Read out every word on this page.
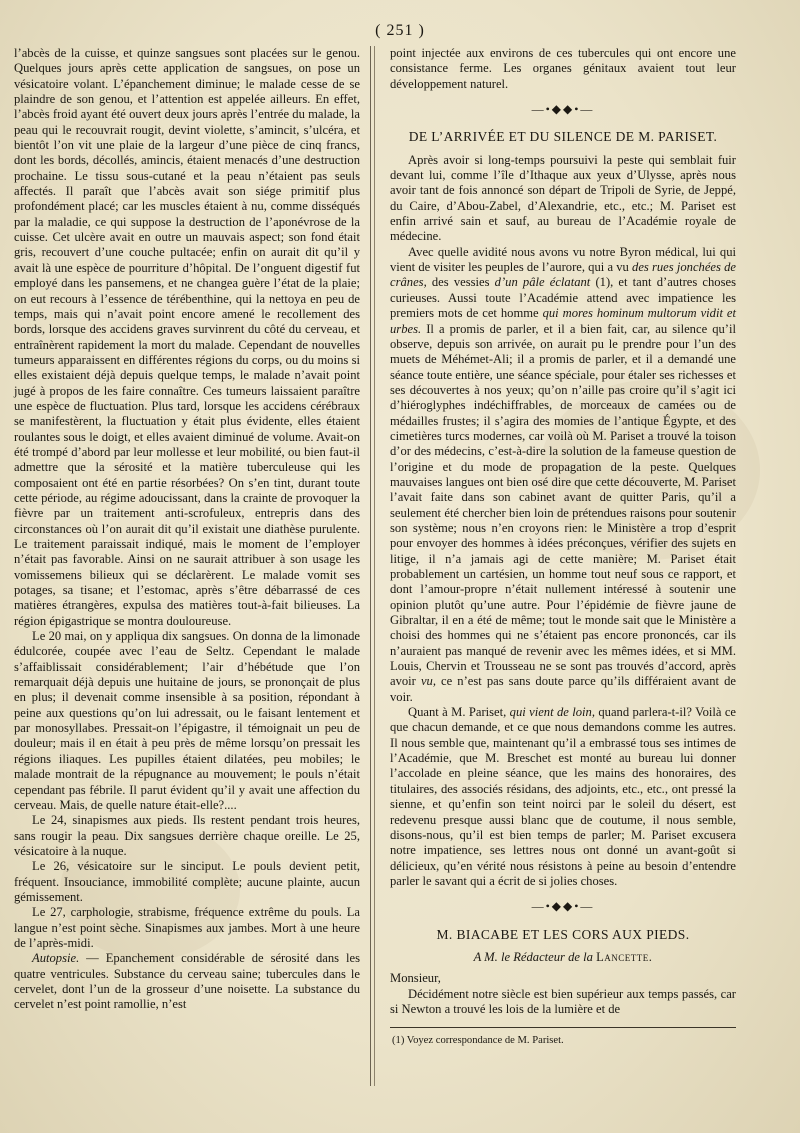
( 251 )

l’abcès de la cuisse, et quinze sangsues sont placées sur le genou. Quelques jours après cette application de sangsues, on pose un vésicatoire volant. L’épanchement diminue; le malade cesse de se plaindre de son genou, et l’attention est appelée ailleurs. En effet, l’abcès froid ayant été ouvert deux jours après l’entrée du malade, la peau qui le recouvrait rougit, devint violette, s’amincit, s’ulcéra, et bientôt l’on vit une plaie de la largeur d’une pièce de cinq francs, dont les bords, décollés, amincis, étaient menacés d’une destruction prochaine. Le tissu sous-cutané et la peau n’étaient pas seuls affectés. Il paraît que l’abcès avait son siége primitif plus profondément placé; car les muscles étaient à nu, comme disséqués par la maladie, ce qui suppose la destruction de l’aponévrose de la cuisse. Cet ulcère avait en outre un mauvais aspect; son fond était gris, recouvert d’une couche pultacée; enfin on aurait dit qu’il y avait là une espèce de pourriture d’hôpital. De l’onguent digestif fut employé dans les pansemens, et ne changea guère l’état de la plaie; on eut recours à l’essence de térébenthine, qui la nettoya en peu de temps, mais qui n’avait point encore amené le recollement des bords, lorsque des accidens graves survinrent du côté du cerveau, et entraînèrent rapidement la mort du malade. Cependant de nouvelles tumeurs apparaissent en différentes régions du corps, ou du moins si elles existaient déjà depuis quelque temps, le malade n’avait point jugé à propos de les faire connaître. Ces tumeurs laissaient paraître une espèce de fluctuation. Plus tard, lorsque les accidens cérébraux se manifestèrent, la fluctuation y était plus évidente, elles étaient roulantes sous le doigt, et elles avaient diminué de volume. Avait-on été trompé d’abord par leur mollesse et leur mobilité, ou bien faut-il admettre que la sérosité et la matière tuberculeuse qui les composaient ont été en partie résorbées? On s’en tint, durant toute cette période, au régime adoucissant, dans la crainte de provoquer la fièvre par un traitement anti-scrofuleux, entrepris dans des circonstances où l’on aurait dit qu’il existait une diathèse purulente. Le traitement paraissait indiqué, mais le moment de l’employer n’était pas favorable. Ainsi on ne saurait attribuer à son usage les vomissemens bilieux qui se déclarèrent. Le malade vomit ses potages, sa tisane; et l’estomac, après s’être débarrassé de ces matières étrangères, expulsa des matières tout-à-fait bilieuses. La région épigastrique se montra douloureuse.

Le 20 mai, on y appliqua dix sangsues. On donna de la limonade édulcorée, coupée avec l’eau de Seltz. Cependant le malade s’affaiblissait considérablement; l’air d’hébétude que l’on remarquait déjà depuis une huitaine de jours, se prononçait de plus en plus; il devenait comme insensible à sa position, répondant à peine aux questions qu’on lui adressait, ou le faisant lentement et par monosyllabes. Pressait-on l’épigastre, il témoignait un peu de douleur; mais il en était à peu près de même lorsqu’on pressait les régions iliaques. Les pupilles étaient dilatées, peu mobiles; le malade montrait de la répugnance au mouvement; le pouls n’était cependant pas fébrile. Il parut évident qu’il y avait une affection du cerveau. Mais, de quelle nature était-elle?....

Le 24, sinapismes aux pieds. Ils restent pendant trois heures, sans rougir la peau. Dix sangsues derrière chaque oreille. Le 25, vésicatoire à la nuque.

Le 26, vésicatoire sur le sinciput. Le pouls devient petit, fréquent. Insouciance, immobilité complète; aucune plainte, aucun gémissement.

Le 27, carphologie, strabisme, fréquence extrême du pouls. La langue n’est point sèche. Sinapismes aux jambes. Mort à une heure de l’après-midi.

Autopsie. — Epanchement considérable de sérosité dans les quatre ventricules. Substance du cerveau saine; tubercules dans le cervelet, dont l’un de la grosseur d’une noisette. La substance du cervelet n’est point ramollie, n’est

point injectée aux environs de ces tubercules qui ont encore une consistance ferme. Les organes génitaux avaient tout leur développement naturel.

—•◆◆•—
DE L’ARRIVÉE ET DU SILENCE DE M. PARISET.

Après avoir si long-temps poursuivi la peste qui semblait fuir devant lui, comme l’île d’Ithaque aux yeux d’Ulysse, après nous avoir tant de fois annoncé son départ de Tripoli de Syrie, de Jeppé, du Caire, d’Abou-Zabel, d’Alexandrie, etc., etc.; M. Pariset est enfin arrivé sain et sauf, au bureau de l’Académie royale de médecine.

Avec quelle avidité nous avons vu notre Byron médical, lui qui vient de visiter les peuples de l’aurore, qui a vu des rues jonchées de crânes, des vessies d’un pâle éclatant (1), et tant d’autres choses curieuses. Aussi toute l’Académie attend avec impatience les premiers mots de cet homme qui mores hominum multorum vidit et urbes. Il a promis de parler, et il a bien fait, car, au silence qu’il observe, depuis son arrivée, on aurait pu le prendre pour l’un des muets de Méhémet-Ali; il a promis de parler, et il a demandé une séance toute entière, une séance spéciale, pour étaler ses richesses et ses découvertes à nos yeux; qu’on n’aille pas croire qu’il s’agit ici d’hiéroglyphes indéchiffrables, de morceaux de camées ou de médailles frustes; il s’agira des momies de l’antique Égypte, et des cimetières turcs modernes, car voilà où M. Pariset a trouvé la toison d’or des médecins, c’est-à-dire la solution de la fameuse question de l’origine et du mode de propagation de la peste. Quelques mauvaises langues ont bien osé dire que cette découverte, M. Pariset l’avait faite dans son cabinet avant de quitter Paris, qu’il a seulement été chercher bien loin de prétendues raisons pour soutenir son système; nous n’en croyons rien: le Ministère a trop d’esprit pour envoyer des hommes à idées préconçues, vérifier des sujets en litige, il n’a jamais agi de cette manière; M. Pariset était probablement un cartésien, un homme tout neuf sous ce rapport, et dont l’amour-propre n’était nullement intéressé à soutenir une opinion plutôt qu’une autre. Pour l’épidémie de fièvre jaune de Gibraltar, il en a été de même; tout le monde sait que le Ministère a choisi des hommes qui ne s’étaient pas encore prononcés, car ils n’auraient pas manqué de revenir avec les mêmes idées, et si MM. Louis, Chervin et Trousseau ne se sont pas trouvés d’accord, après avoir vu, ce n’est pas sans doute parce qu’ils différaient avant de voir.

Quant à M. Pariset, qui vient de loin, quand parlera-t-il? Voilà ce que chacun demande, et ce que nous demandons comme les autres. Il nous semble que, maintenant qu’il a embrassé tous ses intimes de l’Académie, que M. Breschet est monté au bureau lui donner l’accolade en pleine séance, que les mains des honoraires, des titulaires, des associés résidans, des adjoints, etc., etc., ont pressé la sienne, et qu’enfin son teint noirci par le soleil du désert, est redevenu presque aussi blanc que de coutume, il nous semble, disons-nous, qu’il est bien temps de parler; M. Pariset excusera notre impatience, ses lettres nous ont donné un avant-goût si délicieux, qu’en vérité nous résistons à peine au besoin d’entendre parler le savant qui a écrit de si jolies choses.

—•◆◆•—
M. BIACABE ET LES CORS AUX PIEDS.
A M. le Rédacteur de la Lancette.

Monsieur,

Décidément notre siècle est bien supérieur aux temps passés, car si Newton a trouvé les lois de la lumière et de

(1) Voyez correspondance de M. Pariset.
